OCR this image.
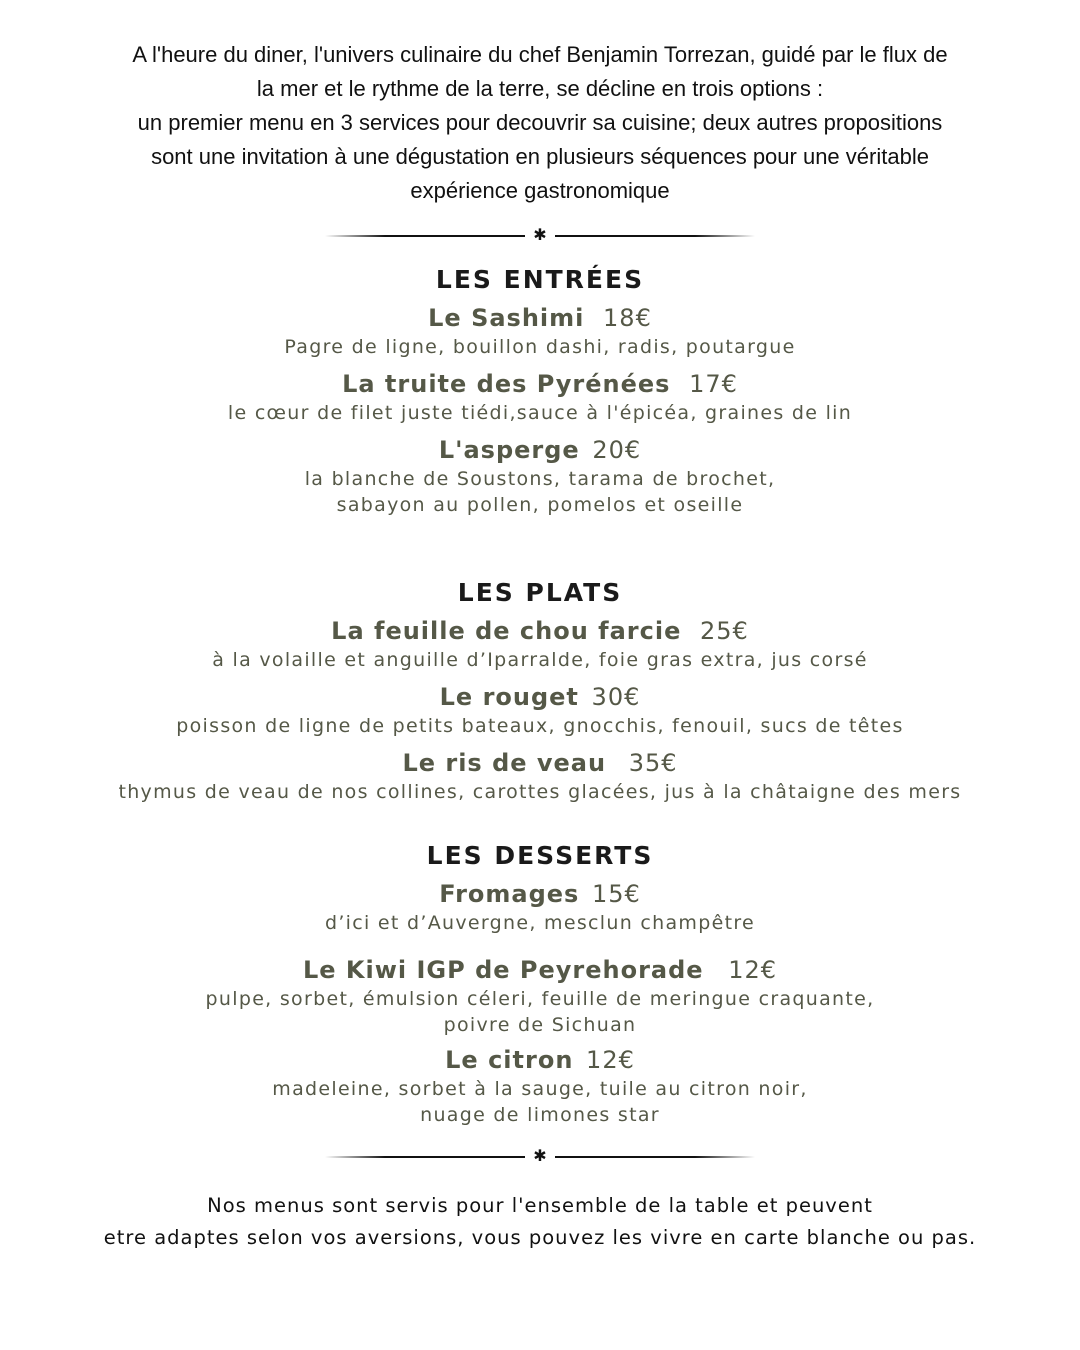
A l'heure du diner, l'univers culinaire du chef Benjamin Torrezan, guidé par le flux de
la mer et le rythme de la terre, se décline en trois options :
un premier menu en 3 services pour decouvrir sa cuisine; deux autres propositions
sont une invitation à une dégustation en plusieurs séquences pour une véritable
expérience gastronomique
✱
LES ENTRÉES
Le Sashimi 18€
Pagre de ligne, bouillon dashi, radis, poutargue
La truite des Pyrénées 17€
le cœur de filet juste tiédi,sauce à l'épicéa, graines de lin
L'asperge 20€
la blanche de Soustons, tarama de brochet,
sabayon au pollen, pomelos et oseille
LES PLATS
La feuille de chou farcie 25€
à la volaille et anguille d’Iparralde, foie gras extra, jus corsé
Le rouget 30€
poisson de ligne de petits bateaux, gnocchis, fenouil, sucs de têtes
Le ris de veau 35€
thymus de veau de nos collines, carottes glacées, jus à la châtaigne des mers
LES DESSERTS
Fromages 15€
d’ici et d’Auvergne, mesclun champêtre
Le Kiwi IGP de Peyrehorade 12€
pulpe, sorbet, émulsion céleri, feuille de meringue craquante,
poivre de Sichuan
Le citron 12€
madeleine, sorbet à la sauge, tuile au citron noir,
nuage de limones star
✱
Nos menus sont servis pour l'ensemble de la table et peuvent
etre adaptes selon vos aversions, vous pouvez les vivre en carte blanche ou pas.
